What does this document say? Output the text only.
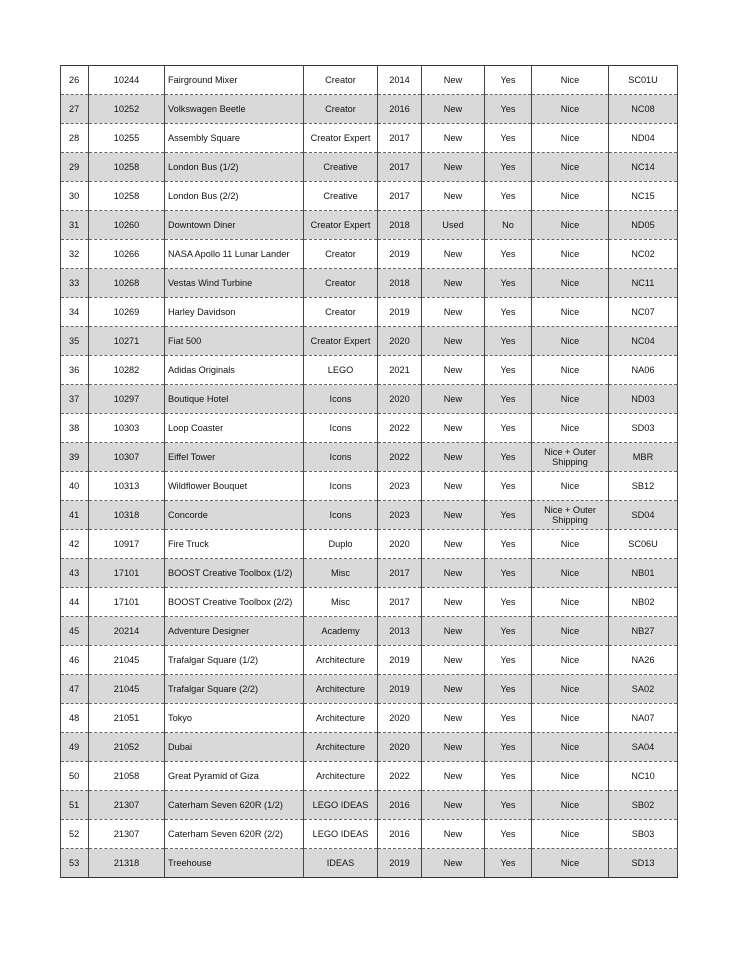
26	10244	Fairground Mixer	Creator	2014	New	Yes	Nice	SC01U
27	10252	Volkswagen Beetle	Creator	2016	New	Yes	Nice	NC08
28	10255	Assembly Square	Creator Expert	2017	New	Yes	Nice	ND04
29	10258	London Bus (1/2)	Creative	2017	New	Yes	Nice	NC14
30	10258	London Bus (2/2)	Creative	2017	New	Yes	Nice	NC15
31	10260	Downtown Diner	Creator Expert	2018	Used	No	Nice	ND05
32	10266	NASA Apollo 11 Lunar Lander	Creator	2019	New	Yes	Nice	NC02
33	10268	Vestas Wind Turbine	Creator	2018	New	Yes	Nice	NC11
34	10269	Harley Davidson	Creator	2019	New	Yes	Nice	NC07
35	10271	Fiat 500	Creator Expert	2020	New	Yes	Nice	NC04
36	10282	Adidas Originals	LEGO	2021	New	Yes	Nice	NA06
37	10297	Boutique Hotel	Icons	2020	New	Yes	Nice	ND03
38	10303	Loop Coaster	Icons	2022	New	Yes	Nice	SD03
39	10307	Eiffel Tower	Icons	2022	New	Yes	Nice + Outer Shipping	MBR
40	10313	Wildflower Bouquet	Icons	2023	New	Yes	Nice	SB12
41	10318	Concorde	Icons	2023	New	Yes	Nice + Outer Shipping	SD04
42	10917	Fire Truck	Duplo	2020	New	Yes	Nice	SC06U
43	17101	BOOST Creative Toolbox (1/2)	Misc	2017	New	Yes	Nice	NB01
44	17101	BOOST Creative Toolbox (2/2)	Misc	2017	New	Yes	Nice	NB02
45	20214	Adventure Designer	Academy	2013	New	Yes	Nice	NB27
46	21045	Trafalgar Square (1/2)	Architecture	2019	New	Yes	Nice	NA26
47	21045	Trafalgar Square (2/2)	Architecture	2019	New	Yes	Nice	SA02
48	21051	Tokyo	Architecture	2020	New	Yes	Nice	NA07
49	21052	Dubai	Architecture	2020	New	Yes	Nice	SA04
50	21058	Great Pyramid of Giza	Architecture	2022	New	Yes	Nice	NC10
51	21307	Caterham Seven 620R (1/2)	LEGO IDEAS	2016	New	Yes	Nice	SB02
52	21307	Caterham Seven 620R (2/2)	LEGO IDEAS	2016	New	Yes	Nice	SB03
53	21318	Treehouse	IDEAS	2019	New	Yes	Nice	SD13
